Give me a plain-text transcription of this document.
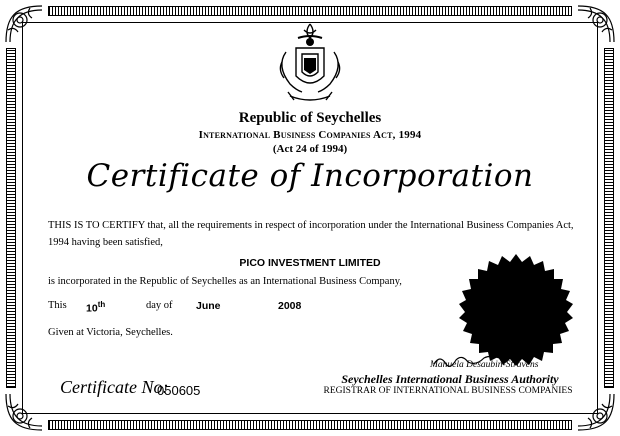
Republic of Seychelles
International Business Companies Act, 1994
(Act 24 of 1994)
Certificate of Incorporation
THIS IS TO CERTIFY that, all the requirements in respect of incorporation under the International Business Companies Act, 1994 having been satisfied,
PICO INVESTMENT LIMITED
is incorporated in the Republic of Seychelles as an International Business Company,
This 10th	day of June	2008
Given at Victoria, Seychelles.
Manuela Desaubin-Stravens
Seychelles International Business Authority
REGISTRAR OF INTERNATIONAL BUSINESS COMPANIES
Certificate No:
050605
